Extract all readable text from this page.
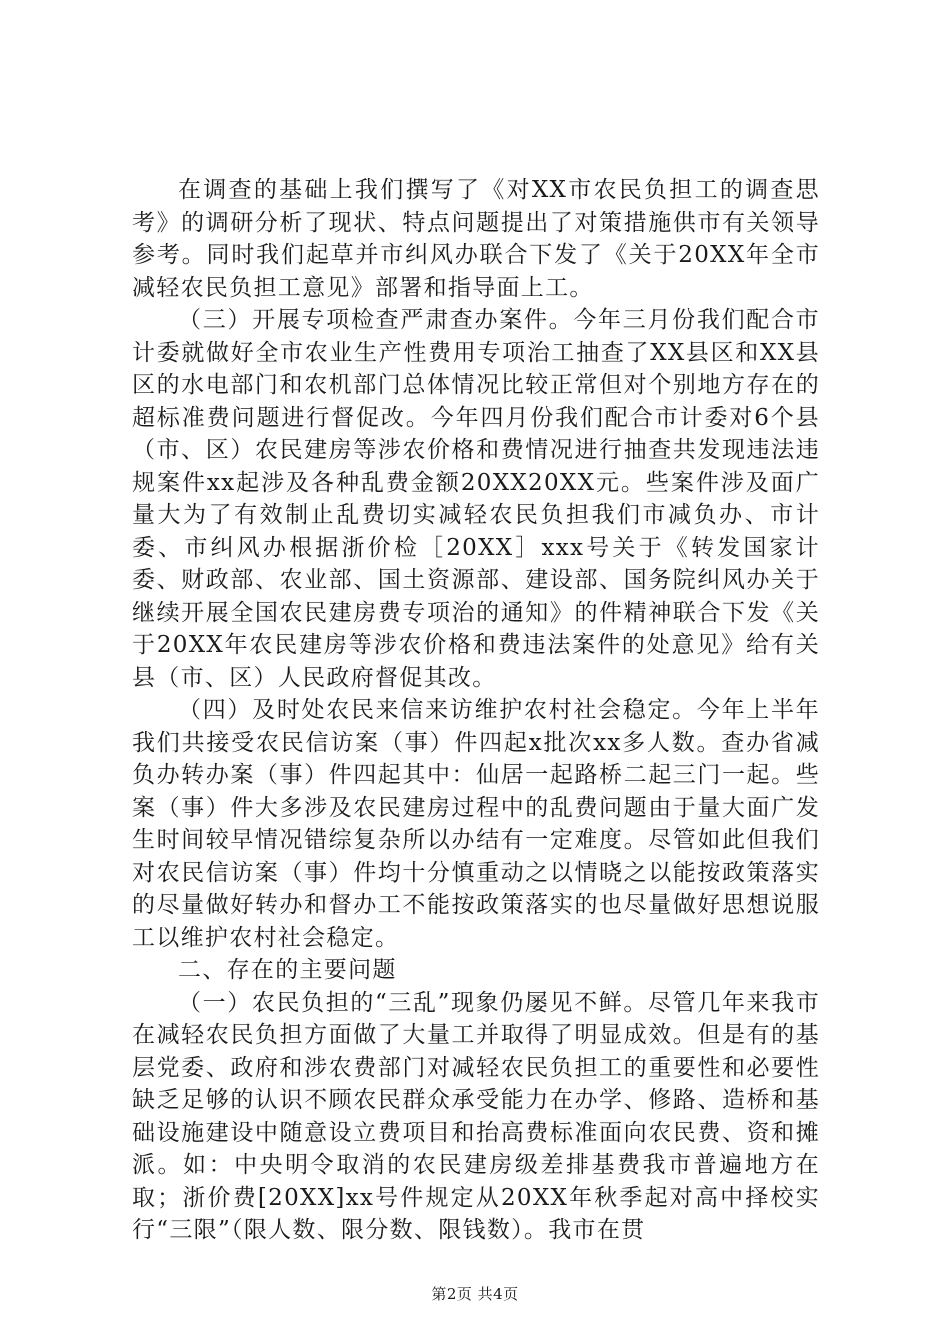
在调查的基础上我们撰写了《对XX市农民负担工的调查思考》的调研分析了现状、特点问题提出了对策措施供市有关领导参考。同时我们起草并市纠风办联合下发了《关于20XX年全市减轻农民负担工意见》部署和指导面上工。

（三）开展专项检查严肃查办案件。今年三月份我们配合市计委就做好全市农业生产性费用专项治工抽查了XX县区和XX县区的水电部门和农机部门总体情况比较正常但对个别地方存在的超标准费问题进行督促改。今年四月份我们配合市计委对6个县（市、区）农民建房等涉农价格和费情况进行抽查共发现违法违规案件xx起涉及各种乱费金额20XX20XX元。些案件涉及面广量大为了有效制止乱费切实减轻农民负担我们市减负办、市计委、市纠风办根据浙价检［20XX］xxx号关于《转发国家计委、财政部、农业部、国土资源部、建设部、国务院纠风办关于继续开展全国农民建房费专项治的通知》的件精神联合下发《关于20XX年农民建房等涉农价格和费违法案件的处意见》给有关县（市、区）人民政府督促其改。

（四）及时处农民来信来访维护农村社会稳定。今年上半年我们共接受农民信访案（事）件四起x批次xx多人数。查办省减负办转办案（事）件四起其中：仙居一起路桥二起三门一起。些案（事）件大多涉及农民建房过程中的乱费问题由于量大面广发生时间较早情况错综复杂所以办结有一定难度。尽管如此但我们对农民信访案（事）件均十分慎重动之以情晓之以能按政策落实的尽量做好转办和督办工不能按政策落实的也尽量做好思想说服工以维护农村社会稳定。

二、存在的主要问题

（一）农民负担的“三乱”现象仍屡见不鲜。尽管几年来我市在减轻农民负担方面做了大量工并取得了明显成效。但是有的基层党委、政府和涉农费部门对减轻农民负担工的重要性和必要性缺乏足够的认识不顾农民群众承受能力在办学、修路、造桥和基础设施建设中随意设立费项目和抬高费标准面向农民费、资和摊派。如：中央明令取消的农民建房级差排基费我市普遍地方在取；浙价费[20XX]xx号件规定从20XX年秋季起对高中择校实行“三限”（限人数、限分数、限钱数）。我市在贯

第2页 共4页
